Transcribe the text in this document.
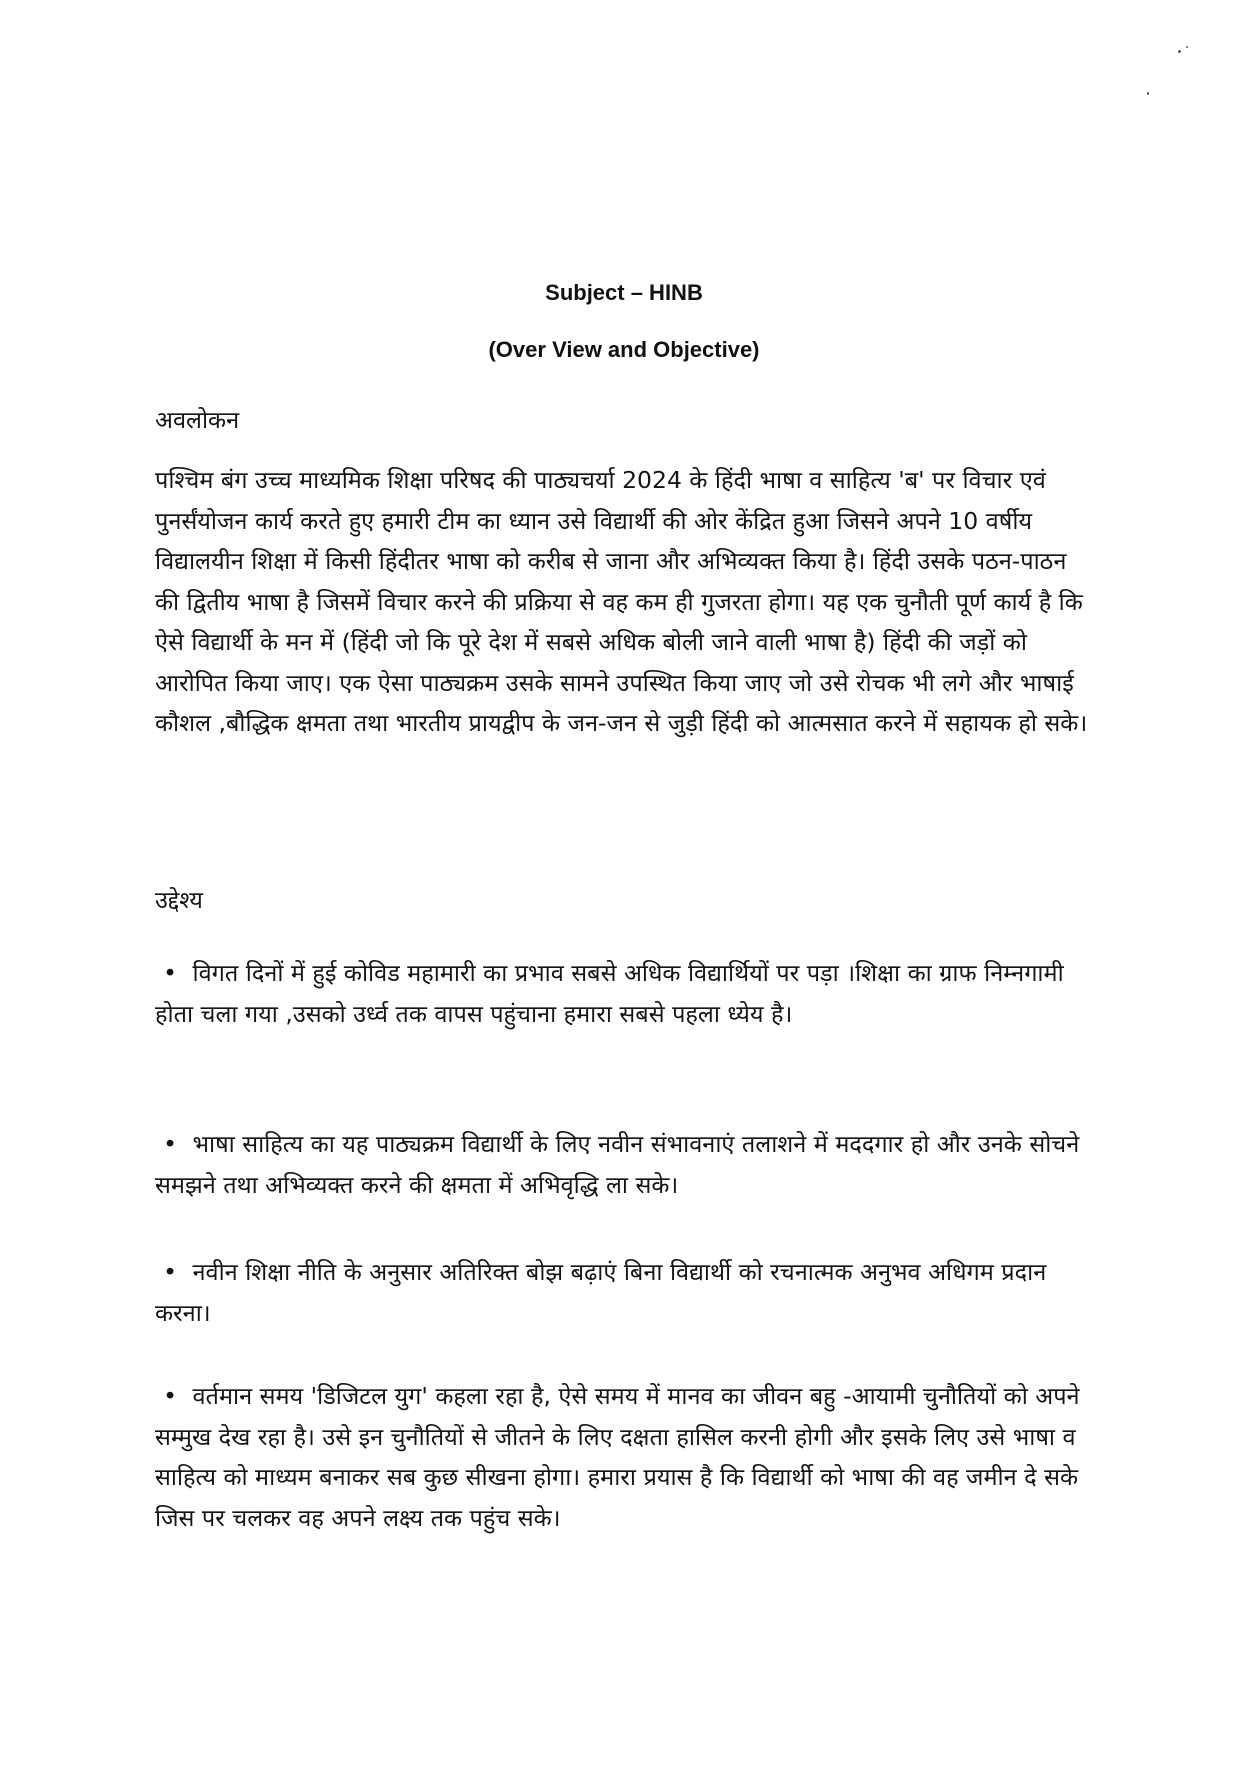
Subject – HINB

(Over View and Objective)

अवलोकन

पश्चिम बंग उच्च माध्यमिक शिक्षा परिषद की पाठ्यचर्या 2024 के हिंदी भाषा व साहित्य 'ब' पर विचार एवं पुनर्संयोजन कार्य करते हुए हमारी टीम का ध्यान उसे विद्यार्थी की ओर केंद्रित हुआ जिसने अपने 10 वर्षीय विद्यालयीन शिक्षा में किसी हिंदीतर भाषा को करीब से जाना और अभिव्यक्त किया है। हिंदी उसके पठन-पाठन की द्वितीय भाषा है जिसमें विचार करने की प्रक्रिया से वह कम ही गुजरता होगा। यह एक चुनौती पूर्ण कार्य है कि ऐसे विद्यार्थी के मन में (हिंदी जो कि पूरे देश में सबसे अधिक बोली जाने वाली भाषा है) हिंदी की जड़ों को आरोपित किया जाए। एक ऐसा पाठ्यक्रम उसके सामने उपस्थित किया जाए जो उसे रोचक भी लगे और भाषाई कौशल ,बौद्धिक क्षमता तथा भारतीय प्रायद्वीप के जन-जन से जुड़ी हिंदी को आत्मसात करने में सहायक हो सके।

उद्देश्य

• विगत दिनों में हुई कोविड महामारी का प्रभाव सबसे अधिक विद्यार्थियों पर पड़ा ।शिक्षा का ग्राफ निम्नगामी होता चला गया ,उसको उर्ध्व तक वापस पहुंचाना हमारा सबसे पहला ध्येय है।

• भाषा साहित्य का यह पाठ्यक्रम विद्यार्थी के लिए नवीन संभावनाएं तलाशने में मददगार हो और उनके सोचने समझने तथा अभिव्यक्त करने की क्षमता में अभिवृद्धि ला सके।

• नवीन शिक्षा नीति के अनुसार अतिरिक्त बोझ बढ़ाएं बिना विद्यार्थी को रचनात्मक अनुभव अधिगम प्रदान करना।

• वर्तमान समय 'डिजिटल युग' कहला रहा है, ऐसे समय में मानव का जीवन बहु -आयामी चुनौतियों को अपने सम्मुख देख रहा है। उसे इन चुनौतियों से जीतने के लिए दक्षता हासिल करनी होगी और इसके लिए उसे भाषा व साहित्य को माध्यम बनाकर सब कुछ सीखना होगा। हमारा प्रयास है कि विद्यार्थी को भाषा की वह जमीन दे सके जिस पर चलकर वह अपने लक्ष्य तक पहुंच सके।
